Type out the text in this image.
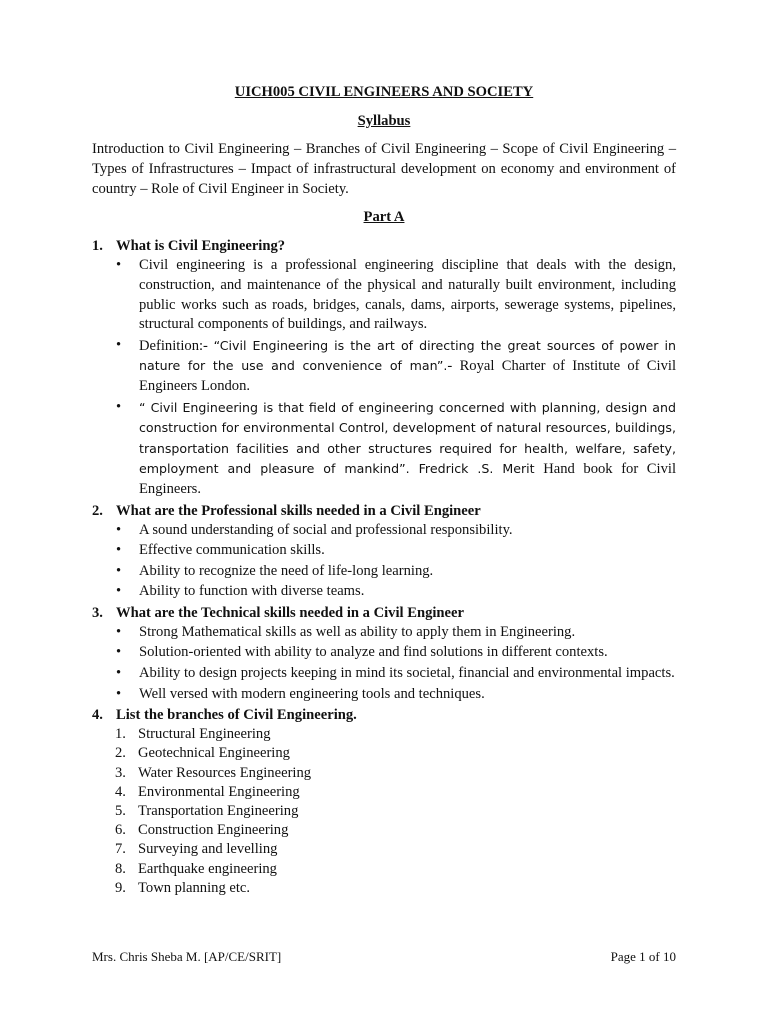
UICH005 CIVIL ENGINEERS AND SOCIETY
Syllabus

Introduction to Civil Engineering – Branches of Civil Engineering – Scope of Civil Engineering – Types of Infrastructures – Impact of infrastructural development on economy and environment of country – Role of Civil Engineer in Society.

Part A
1. What is Civil Engineering?
• Civil engineering is a professional engineering discipline that deals with the design, construction, and maintenance of the physical and naturally built environment, including public works such as roads, bridges, canals, dams, airports, sewerage systems, pipelines, structural components of buildings, and railways.
• Definition:- “Civil Engineering is the art of directing the great sources of power in nature for the use and convenience of man”.- Royal Charter of Institute of Civil Engineers London.
• “ Civil Engineering is that field of engineering concerned with planning, design and construction for environmental Control, development of natural resources, buildings, transportation facilities and other structures required for health, welfare, safety, employment and pleasure of mankind”. Fredrick .S. Merit Hand book for Civil Engineers.
2. What are the Professional skills needed in a Civil Engineer
• A sound understanding of social and professional responsibility.
• Effective communication skills.
• Ability to recognize the need of life-long learning.
• Ability to function with diverse teams.
3. What are the Technical skills needed in a Civil Engineer
• Strong Mathematical skills as well as ability to apply them in Engineering.
• Solution-oriented with ability to analyze and find solutions in different contexts.
• Ability to design projects keeping in mind its societal, financial and environmental impacts.
• Well versed with modern engineering tools and techniques.
4. List the branches of Civil Engineering.
1. Structural Engineering
2. Geotechnical Engineering
3. Water Resources Engineering
4. Environmental Engineering
5. Transportation Engineering
6. Construction Engineering
7. Surveying and levelling
8. Earthquake engineering
9. Town planning etc.
Mrs. Chris Sheba M. [AP/CE/SRIT]	Page 1 of 10
